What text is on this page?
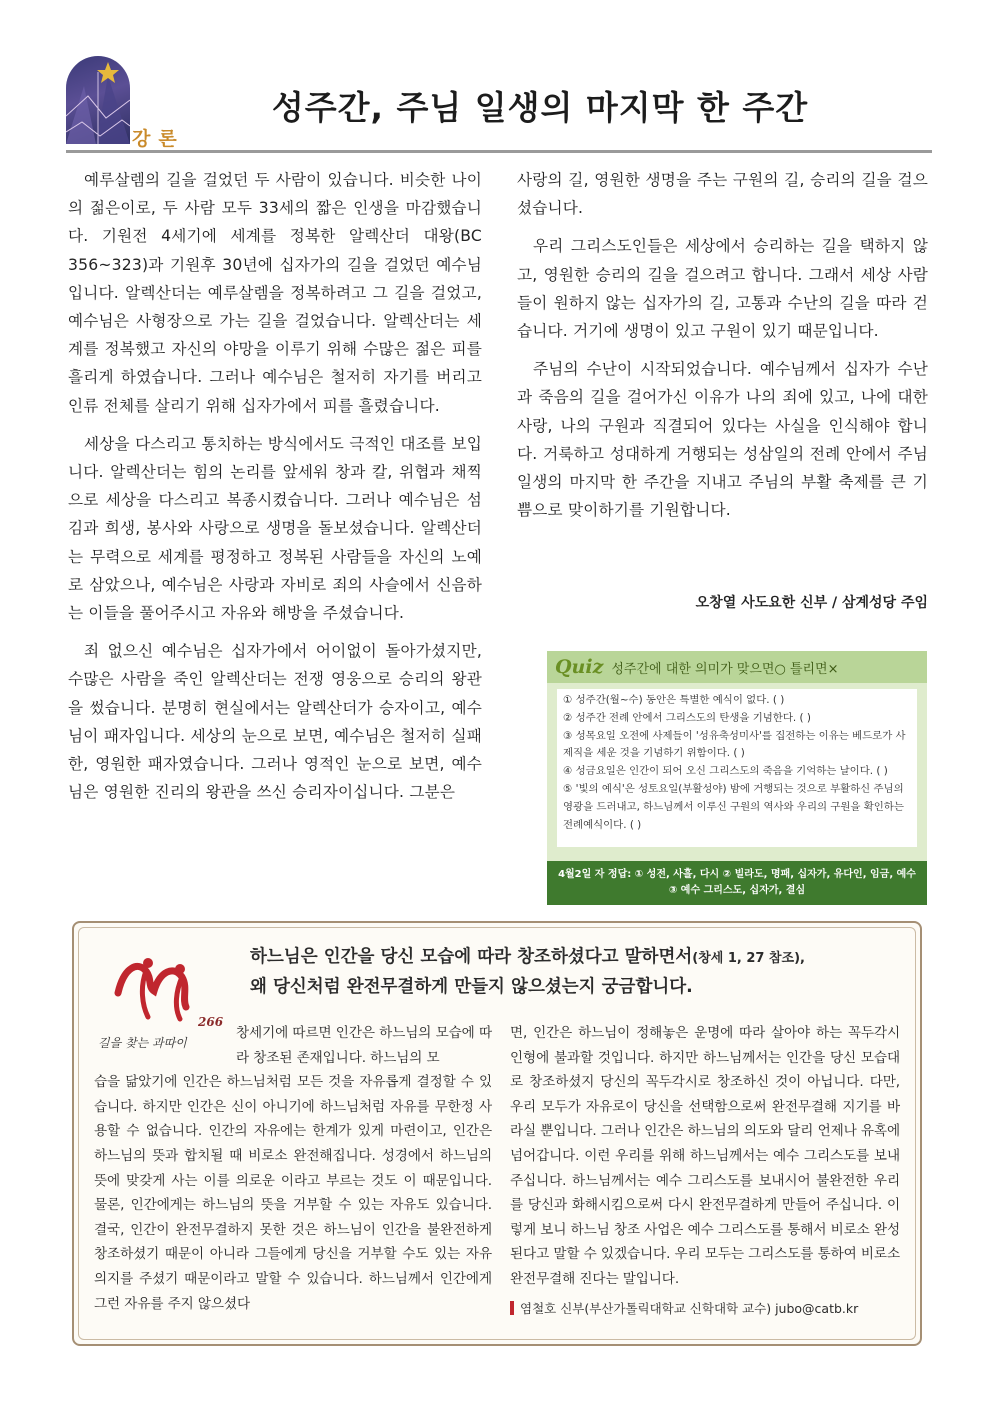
강론
성주간, 주님 일생의 마지막 한 주간

예루살렘의 길을 걸었던 두 사람이 있습니다. 비슷한 나이의 젊은이로, 두 사람 모두 33세의 짧은 인생을 마감했습니다. 기원전 4세기에 세계를 정복한 알렉산더 대왕(BC 356~323)과 기원후 30년에 십자가의 길을 걸었던 예수님입니다. 알렉산더는 예루살렘을 정복하려고 그 길을 걸었고, 예수님은 사형장으로 가는 길을 걸었습니다. 알렉산더는 세계를 정복했고 자신의 야망을 이루기 위해 수많은 젊은 피를 흘리게 하였습니다. 그러나 예수님은 철저히 자기를 버리고 인류 전체를 살리기 위해 십자가에서 피를 흘렸습니다.

세상을 다스리고 통치하는 방식에서도 극적인 대조를 보입니다. 알렉산더는 힘의 논리를 앞세워 창과 칼, 위협과 채찍으로 세상을 다스리고 복종시켰습니다. 그러나 예수님은 섬김과 희생, 봉사와 사랑으로 생명을 돌보셨습니다. 알렉산더는 무력으로 세계를 평정하고 정복된 사람들을 자신의 노예로 삼았으나, 예수님은 사랑과 자비로 죄의 사슬에서 신음하는 이들을 풀어주시고 자유와 해방을 주셨습니다.

죄 없으신 예수님은 십자가에서 어이없이 돌아가셨지만, 수많은 사람을 죽인 알렉산더는 전쟁 영웅으로 승리의 왕관을 썼습니다. 분명히 현실에서는 알렉산더가 승자이고, 예수님이 패자입니다. 세상의 눈으로 보면, 예수님은 철저히 실패한, 영원한 패자였습니다. 그러나 영적인 눈으로 보면, 예수님은 영원한 진리의 왕관을 쓰신 승리자이십니다. 그분은

사랑의 길, 영원한 생명을 주는 구원의 길, 승리의 길을 걸으셨습니다.

우리 그리스도인들은 세상에서 승리하는 길을 택하지 않고, 영원한 승리의 길을 걸으려고 합니다. 그래서 세상 사람들이 원하지 않는 십자가의 길, 고통과 수난의 길을 따라 걷습니다. 거기에 생명이 있고 구원이 있기 때문입니다.

주님의 수난이 시작되었습니다. 예수님께서 십자가 수난과 죽음의 길을 걸어가신 이유가 나의 죄에 있고, 나에 대한 사랑, 나의 구원과 직결되어 있다는 사실을 인식해야 합니다. 거룩하고 성대하게 거행되는 성삼일의 전례 안에서 주님 일생의 마지막 한 주간을 지내고 주님의 부활 축제를 큰 기쁨으로 맞이하기를 기원합니다.

오창열 사도요한 신부 / 삼계성당 주임
Quiz 성주간에 대한 의미가 맞으면○ 틀리면×
① 성주간(월~수) 동안은 특별한 예식이 없다. ( )
② 성주간 전례 안에서 그리스도의 탄생을 기념한다. ( )
③ 성목요일 오전에 사제들이 '성유축성미사'를 집전하는 이유는 베드로가 사제직을 세운 것을 기념하기 위함이다. ( )
④ 성금요일은 인간이 되어 오신 그리스도의 죽음을 기억하는 날이다. ( )
⑤ '빛의 예식'은 성토요일(부활성야) 밤에 거행되는 것으로 부활하신 주님의 영광을 드러내고, 하느님께서 이루신 구원의 역사와 우리의 구원을 확인하는 전례예식이다. ( )
4월2일 자 정답: ① 성전, 사흘, 다시 ② 빌라도, 명패, 십자가, 유다인, 임금, 예수
③ 예수 그리스도, 십자가, 결심
길을 찾는 과따이
266
하느님은 인간을 당신 모습에 따라 창조하셨다고 말하면서(창세 1, 27 참조),
왜 당신처럼 완전무결하게 만들지 않으셨는지 궁금합니다.
창세기에 따르면 인간은 하느님의 모습에 따라 창조된 존재입니다. 하느님의 모
습을 닮았기에 인간은 하느님처럼 모든 것을 자유롭게 결정할 수 있습니다. 하지만 인간은 신이 아니기에 하느님처럼 자유를 무한정 사용할 수 없습니다. 인간의 자유에는 한계가 있게 마련이고, 인간은 하느님의 뜻과 합치될 때 비로소 완전해집니다. 성경에서 하느님의 뜻에 맞갖게 사는 이를 의로운 이라고 부르는 것도 이 때문입니다. 물론, 인간에게는 하느님의 뜻을 거부할 수 있는 자유도 있습니다. 결국, 인간이 완전무결하지 못한 것은 하느님이 인간을 불완전하게 창조하셨기 때문이 아니라 그들에게 당신을 거부할 수도 있는 자유 의지를 주셨기 때문이라고 말할 수 있습니다. 하느님께서 인간에게 그런 자유를 주지 않으셨다
면, 인간은 하느님이 정해놓은 운명에 따라 살아야 하는 꼭두각시 인형에 불과할 것입니다. 하지만 하느님께서는 인간을 당신 모습대로 창조하셨지 당신의 꼭두각시로 창조하신 것이 아닙니다. 다만, 우리 모두가 자유로이 당신을 선택함으로써 완전무결해 지기를 바라실 뿐입니다. 그러나 인간은 하느님의 의도와 달리 언제나 유혹에 넘어갑니다. 이런 우리를 위해 하느님께서는 예수 그리스도를 보내주십니다. 하느님께서는 예수 그리스도를 보내시어 불완전한 우리를 당신과 화해시킴으로써 다시 완전무결하게 만들어 주십니다. 이렇게 보니 하느님 창조 사업은 예수 그리스도를 통해서 비로소 완성된다고 말할 수 있겠습니다. 우리 모두는 그리스도를 통하여 비로소 완전무결해 진다는 말입니다.
염철호 신부(부산가톨릭대학교 신학대학 교수) jubo@catb.kr
